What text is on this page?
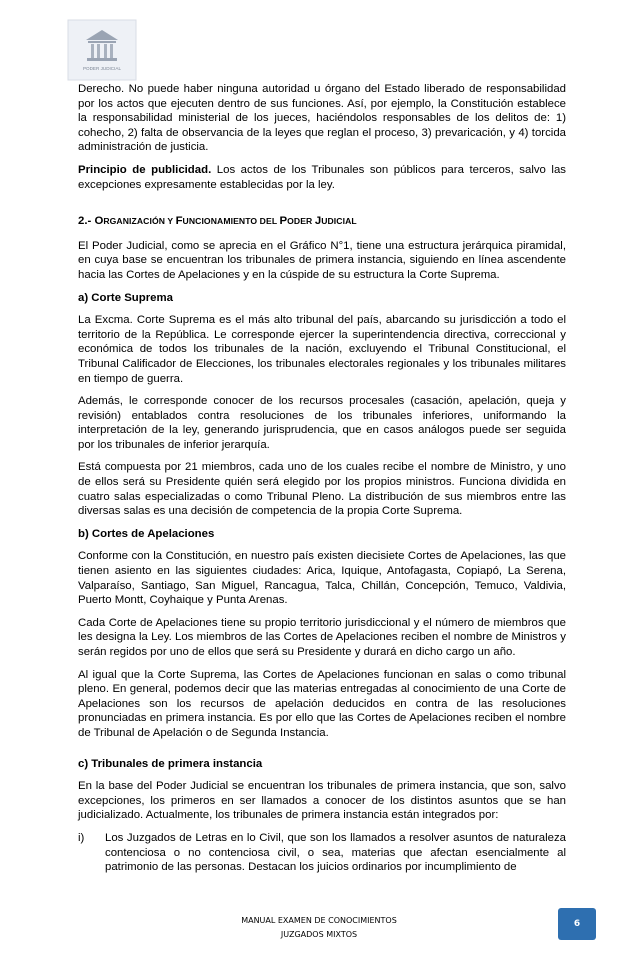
PODER JUDICIAL

Derecho. No puede haber ninguna autoridad u órgano del Estado liberado de responsabilidad por los actos que ejecuten dentro de sus funciones. Así, por ejemplo, la Constitución establece la responsabilidad ministerial de los jueces, haciéndolos responsables de los delitos de: 1) cohecho, 2) falta de observancia de la leyes que reglan el proceso, 3) prevaricación, y 4) torcida administración de justicia.

Principio de publicidad. Los actos de los Tribunales son públicos para terceros, salvo las excepciones expresamente establecidas por la ley.

2.- ORGANIZACIÓN Y FUNCIONAMIENTO DEL PODER JUDICIAL

El Poder Judicial, como se aprecia en el Gráfico N°1, tiene una estructura jerárquica piramidal, en cuya base se encuentran los tribunales de primera instancia, siguiendo en línea ascendente hacia las Cortes de Apelaciones y en la cúspide de su estructura la Corte Suprema.

a) Corte Suprema

La Excma. Corte Suprema es el más alto tribunal del país, abarcando su jurisdicción a todo el territorio de la República. Le corresponde ejercer la superintendencia directiva, correccional y económica de todos los tribunales de la nación, excluyendo el Tribunal Constitucional, el Tribunal Calificador de Elecciones, los tribunales electorales regionales y los tribunales militares en tiempo de guerra.

Además, le corresponde conocer de los recursos procesales (casación, apelación, queja y revisión) entablados contra resoluciones de los tribunales inferiores, uniformando la interpretación de la ley, generando jurisprudencia, que en casos análogos puede ser seguida por los tribunales de inferior jerarquía.

Está compuesta por 21 miembros, cada uno de los cuales recibe el nombre de Ministro, y uno de ellos será su Presidente quién será elegido por los propios ministros. Funciona dividida en cuatro salas especializadas o como Tribunal Pleno. La distribución de sus miembros entre las diversas salas es una decisión de competencia de la propia Corte Suprema.

b) Cortes de Apelaciones

Conforme con la Constitución, en nuestro país existen diecisiete Cortes de Apelaciones, las que tienen asiento en las siguientes ciudades: Arica, Iquique, Antofagasta, Copiapó, La Serena, Valparaíso, Santiago, San Miguel, Rancagua, Talca, Chillán, Concepción, Temuco, Valdivia, Puerto Montt, Coyhaique y Punta Arenas.

Cada Corte de Apelaciones tiene su propio territorio jurisdiccional y el número de miembros que les designa la Ley. Los miembros de las Cortes de Apelaciones reciben el nombre de Ministros y serán regidos por uno de ellos que será su Presidente y durará en dicho cargo un año.

Al igual que la Corte Suprema, las Cortes de Apelaciones funcionan en salas o como tribunal pleno. En general, podemos decir que las materias entregadas al conocimiento de una Corte de Apelaciones son los recursos de apelación deducidos en contra de las resoluciones pronunciadas en primera instancia. Es por ello que las Cortes de Apelaciones reciben el nombre de Tribunal de Apelación o de Segunda Instancia.

c) Tribunales de primera instancia

En la base del Poder Judicial se encuentran los tribunales de primera instancia, que son, salvo excepciones, los primeros en ser llamados a conocer de los distintos asuntos que se han judicializado. Actualmente, los tribunales de primera instancia están integrados por:

i)	Los Juzgados de Letras en lo Civil, que son los llamados a resolver asuntos de naturaleza contenciosa o no contenciosa civil, o sea, materias que afectan esencialmente al patrimonio de las personas. Destacan los juicios ordinarios por incumplimiento de
MANUAL EXAMEN DE CONOCIMIENTOS
JUZGADOS MIXTOS
6
